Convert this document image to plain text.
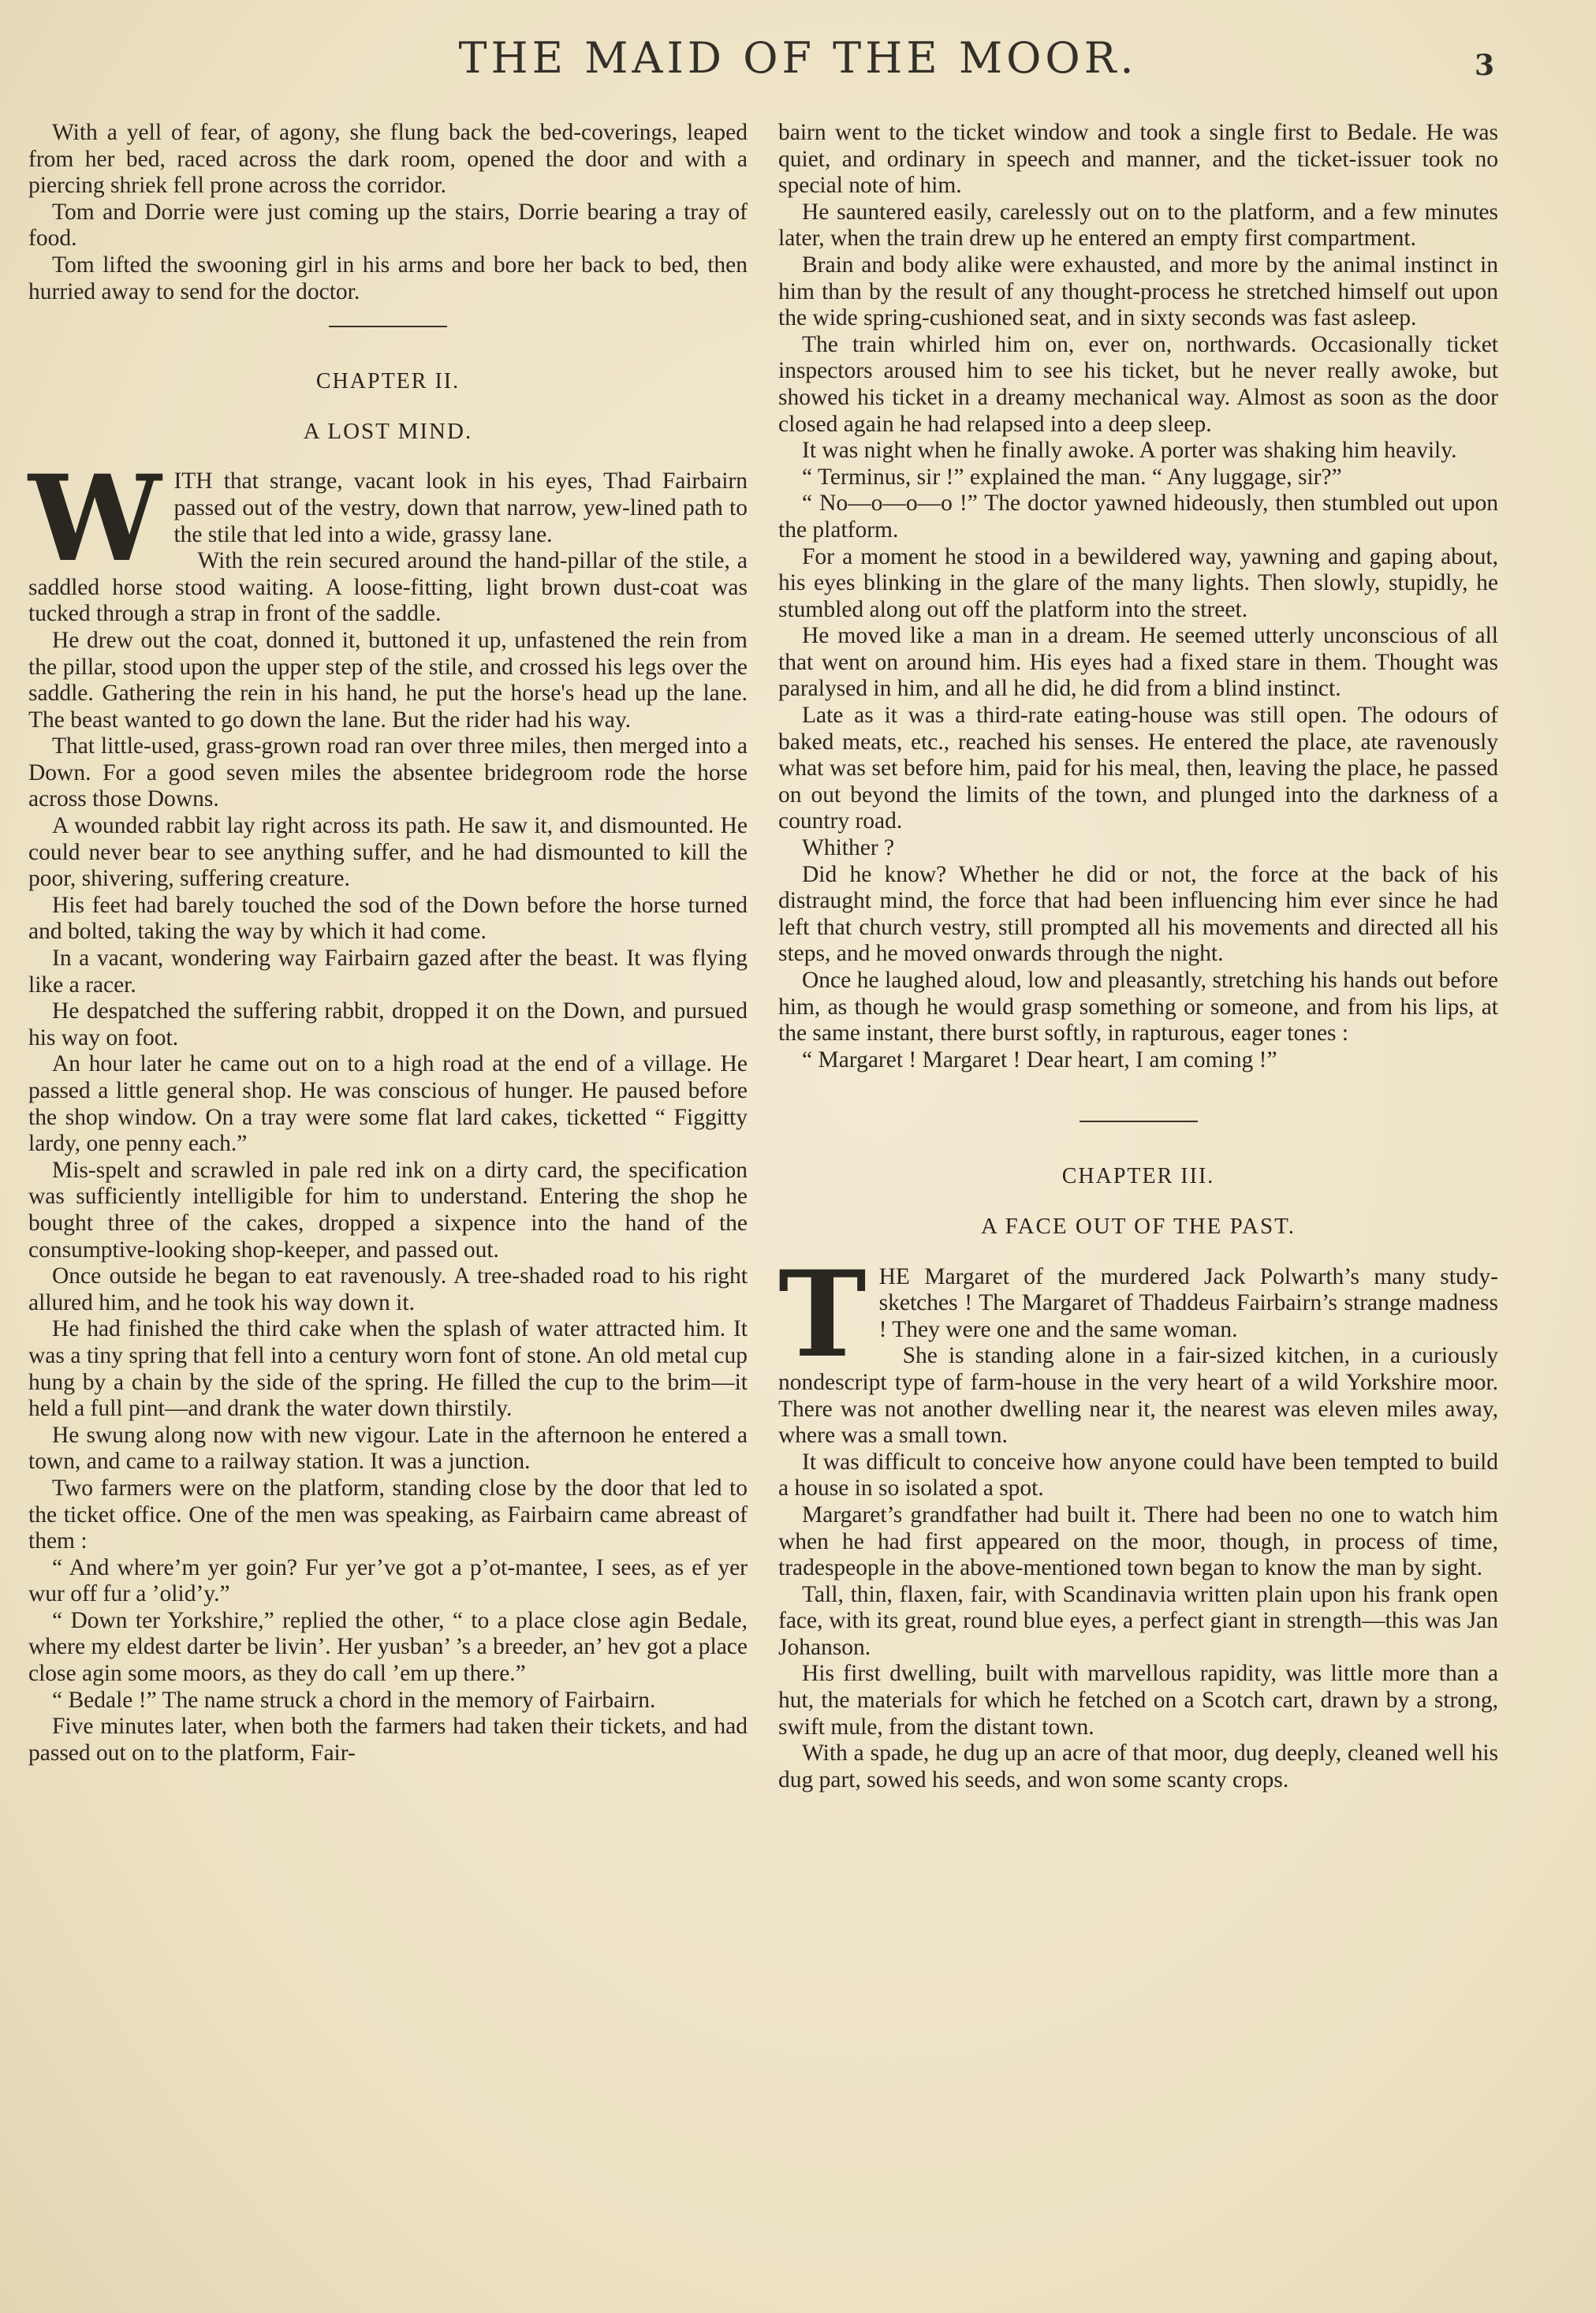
THE MAID OF THE MOOR.	3

With a yell of fear, of agony, she flung back the bed-coverings, leaped from her bed, raced across the dark room, opened the door and with a piercing shriek fell prone across the corridor.

Tom and Dorrie were just coming up the stairs, Dorrie bearing a tray of food.

Tom lifted the swooning girl in his arms and bore her back to bed, then hurried away to send for the doctor.

CHAPTER II.
A LOST MIND.

WITH that strange, vacant look in his eyes, Thad Fairbairn passed out of the vestry, down that narrow, yew-lined path to the stile that led into a wide, grassy lane.

With the rein secured around the hand-pillar of the stile, a saddled horse stood waiting. A loose-fitting, light brown dust-coat was tucked through a strap in front of the saddle.

He drew out the coat, donned it, buttoned it up, unfastened the rein from the pillar, stood upon the upper step of the stile, and crossed his legs over the saddle. Gathering the rein in his hand, he put the horse's head up the lane. The beast wanted to go down the lane. But the rider had his way.

That little-used, grass-grown road ran over three miles, then merged into a Down. For a good seven miles the absentee bridegroom rode the horse across those Downs.

A wounded rabbit lay right across its path. He saw it, and dismounted. He could never bear to see anything suffer, and he had dismounted to kill the poor, shivering, suffering creature.

His feet had barely touched the sod of the Down before the horse turned and bolted, taking the way by which it had come.

In a vacant, wondering way Fairbairn gazed after the beast. It was flying like a racer.

He despatched the suffering rabbit, dropped it on the Down, and pursued his way on foot.

An hour later he came out on to a high road at the end of a village. He passed a little general shop. He was conscious of hunger. He paused before the shop window. On a tray were some flat lard cakes, ticketted “ Figgitty lardy, one penny each.”

Mis-spelt and scrawled in pale red ink on a dirty card, the specification was sufficiently intelligible for him to understand. Entering the shop he bought three of the cakes, dropped a sixpence into the hand of the consumptive-looking shop-keeper, and passed out.

Once outside he began to eat ravenously. A tree-shaded road to his right allured him, and he took his way down it.

He had finished the third cake when the splash of water attracted him. It was a tiny spring that fell into a century worn font of stone. An old metal cup hung by a chain by the side of the spring. He filled the cup to the brim—it held a full pint—and drank the water down thirstily.

He swung along now with new vigour. Late in the afternoon he entered a town, and came to a railway station. It was a junction.

Two farmers were on the platform, standing close by the door that led to the ticket office. One of the men was speaking, as Fairbairn came abreast of them :

“ And where’m yer goin? Fur yer’ve got a p’ot-mantee, I sees, as ef yer wur off fur a ’olid’y.”

“ Down ter Yorkshire,” replied the other, “ to a place close agin Bedale, where my eldest darter be livin’. Her yusban’ ’s a breeder, an’ hev got a place close agin some moors, as they do call ’em up there.”

“ Bedale !” The name struck a chord in the memory of Fairbairn.

Five minutes later, when both the farmers had taken their tickets, and had passed out on to the platform, Fair-

bairn went to the ticket window and took a single first to Bedale. He was quiet, and ordinary in speech and manner, and the ticket-issuer took no special note of him.

He sauntered easily, carelessly out on to the platform, and a few minutes later, when the train drew up he entered an empty first compartment.

Brain and body alike were exhausted, and more by the animal instinct in him than by the result of any thought-process he stretched himself out upon the wide spring-cushioned seat, and in sixty seconds was fast asleep.

The train whirled him on, ever on, northwards. Occasionally ticket inspectors aroused him to see his ticket, but he never really awoke, but showed his ticket in a dreamy mechanical way. Almost as soon as the door closed again he had relapsed into a deep sleep.

It was night when he finally awoke. A porter was shaking him heavily.

“ Terminus, sir !” explained the man. “ Any luggage, sir?”

“ No—o—o—o !” The doctor yawned hideously, then stumbled out upon the platform.

For a moment he stood in a bewildered way, yawning and gaping about, his eyes blinking in the glare of the many lights. Then slowly, stupidly, he stumbled along out off the platform into the street.

He moved like a man in a dream. He seemed utterly unconscious of all that went on around him. His eyes had a fixed stare in them. Thought was paralysed in him, and all he did, he did from a blind instinct.

Late as it was a third-rate eating-house was still open. The odours of baked meats, etc., reached his senses. He entered the place, ate ravenously what was set before him, paid for his meal, then, leaving the place, he passed on out beyond the limits of the town, and plunged into the darkness of a country road.

Whither ?

Did he know? Whether he did or not, the force at the back of his distraught mind, the force that had been influencing him ever since he had left that church vestry, still prompted all his movements and directed all his steps, and he moved onwards through the night.

Once he laughed aloud, low and pleasantly, stretching his hands out before him, as though he would grasp something or someone, and from his lips, at the same instant, there burst softly, in rapturous, eager tones :

“ Margaret ! Margaret ! Dear heart, I am coming !”

CHAPTER III.
A FACE OUT OF THE PAST.

THE Margaret of the murdered Jack Polwarth’s many study-sketches ! The Margaret of Thaddeus Fairbairn’s strange madness ! They were one and the same woman.

She is standing alone in a fair-sized kitchen, in a curiously nondescript type of farm-house in the very heart of a wild Yorkshire moor. There was not another dwelling near it, the nearest was eleven miles away, where was a small town.

It was difficult to conceive how anyone could have been tempted to build a house in so isolated a spot.

Margaret’s grandfather had built it. There had been no one to watch him when he had first appeared on the moor, though, in process of time, tradespeople in the above-mentioned town began to know the man by sight.

Tall, thin, flaxen, fair, with Scandinavia written plain upon his frank open face, with its great, round blue eyes, a perfect giant in strength—this was Jan Johanson.

His first dwelling, built with marvellous rapidity, was little more than a hut, the materials for which he fetched on a Scotch cart, drawn by a strong, swift mule, from the distant town.

With a spade, he dug up an acre of that moor, dug deeply, cleaned well his dug part, sowed his seeds, and won some scanty crops.
